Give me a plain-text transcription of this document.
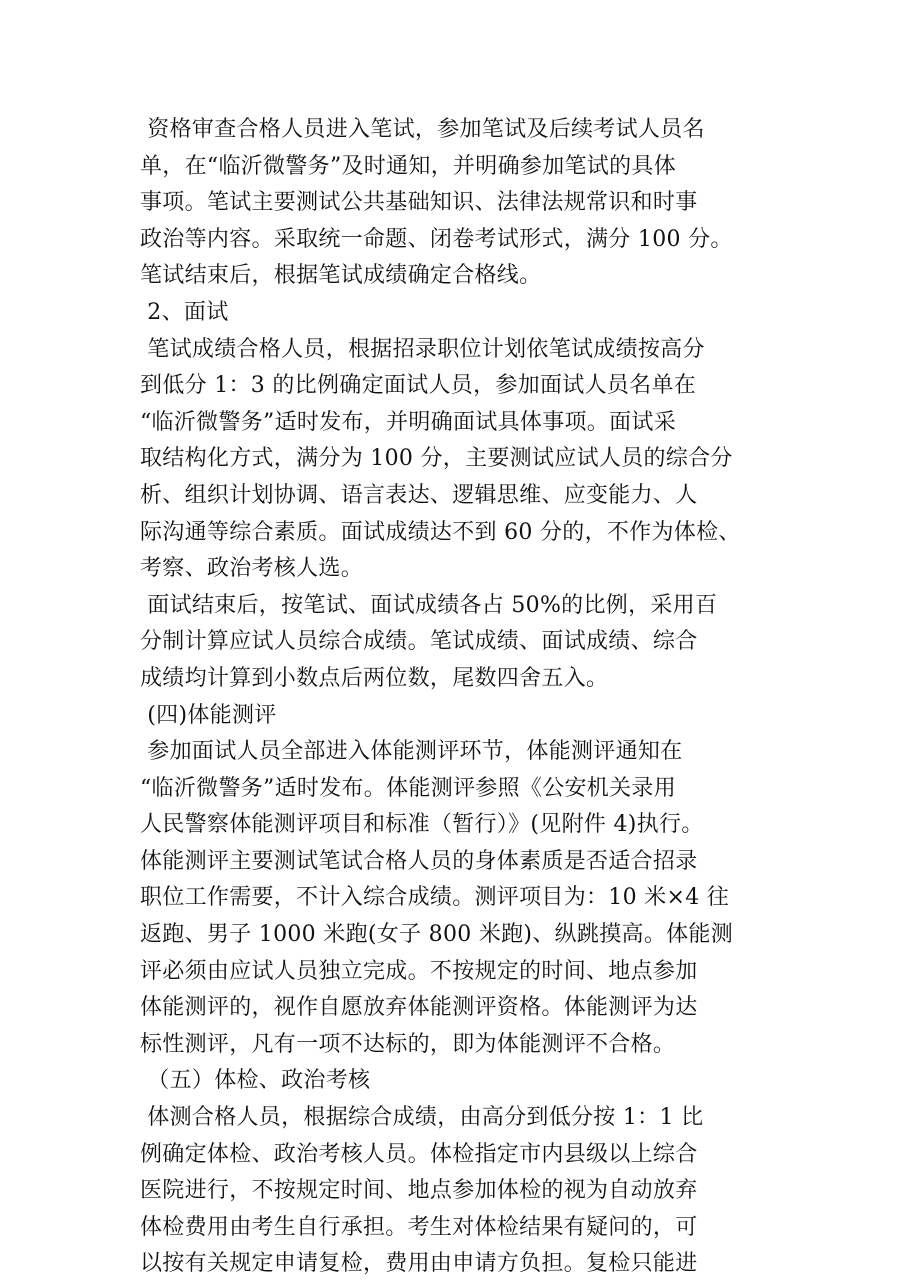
资格审查合格人员进入笔试，参加笔试及后续考试人员名
单，在“临沂微警务”及时通知，并明确参加笔试的具体
事项。笔试主要测试公共基础知识、法律法规常识和时事
政治等内容。采取统一命题、闭卷考试形式，满分 100 分。
笔试结束后，根据笔试成绩确定合格线。
2、面试
笔试成绩合格人员，根据招录职位计划依笔试成绩按高分
到低分 1：3 的比例确定面试人员，参加面试人员名单在
“临沂微警务”适时发布，并明确面试具体事项。面试采
取结构化方式，满分为 100 分，主要测试应试人员的综合分
析、组织计划协调、语言表达、逻辑思维、应变能力、人
际沟通等综合素质。面试成绩达不到 60 分的，不作为体检、
考察、政治考核人选。
面试结束后，按笔试、面试成绩各占 50%的比例，采用百
分制计算应试人员综合成绩。笔试成绩、面试成绩、综合
成绩均计算到小数点后两位数，尾数四舍五入。
(四)体能测评
参加面试人员全部进入体能测评环节，体能测评通知在
“临沂微警务”适时发布。体能测评参照《公安机关录用
人民警察体能测评项目和标准（暂行）》(见附件 4)执行。
体能测评主要测试笔试合格人员的身体素质是否适合招录
职位工作需要，不计入综合成绩。测评项目为：10 米×4 往
返跑、男子 1000 米跑(女子 800 米跑)、纵跳摸高。体能测
评必须由应试人员独立完成。不按规定的时间、地点参加
体能测评的，视作自愿放弃体能测评资格。体能测评为达
标性测评，凡有一项不达标的，即为体能测评不合格。
（五）体检、政治考核
体测合格人员，根据综合成绩，由高分到低分按 1：1 比
例确定体检、政治考核人员。体检指定市内县级以上综合
医院进行，不按规定时间、地点参加体检的视为自动放弃
体检费用由考生自行承担。考生对体检结果有疑问的，可
以按有关规定申请复检，费用由申请方负担。复检只能进
